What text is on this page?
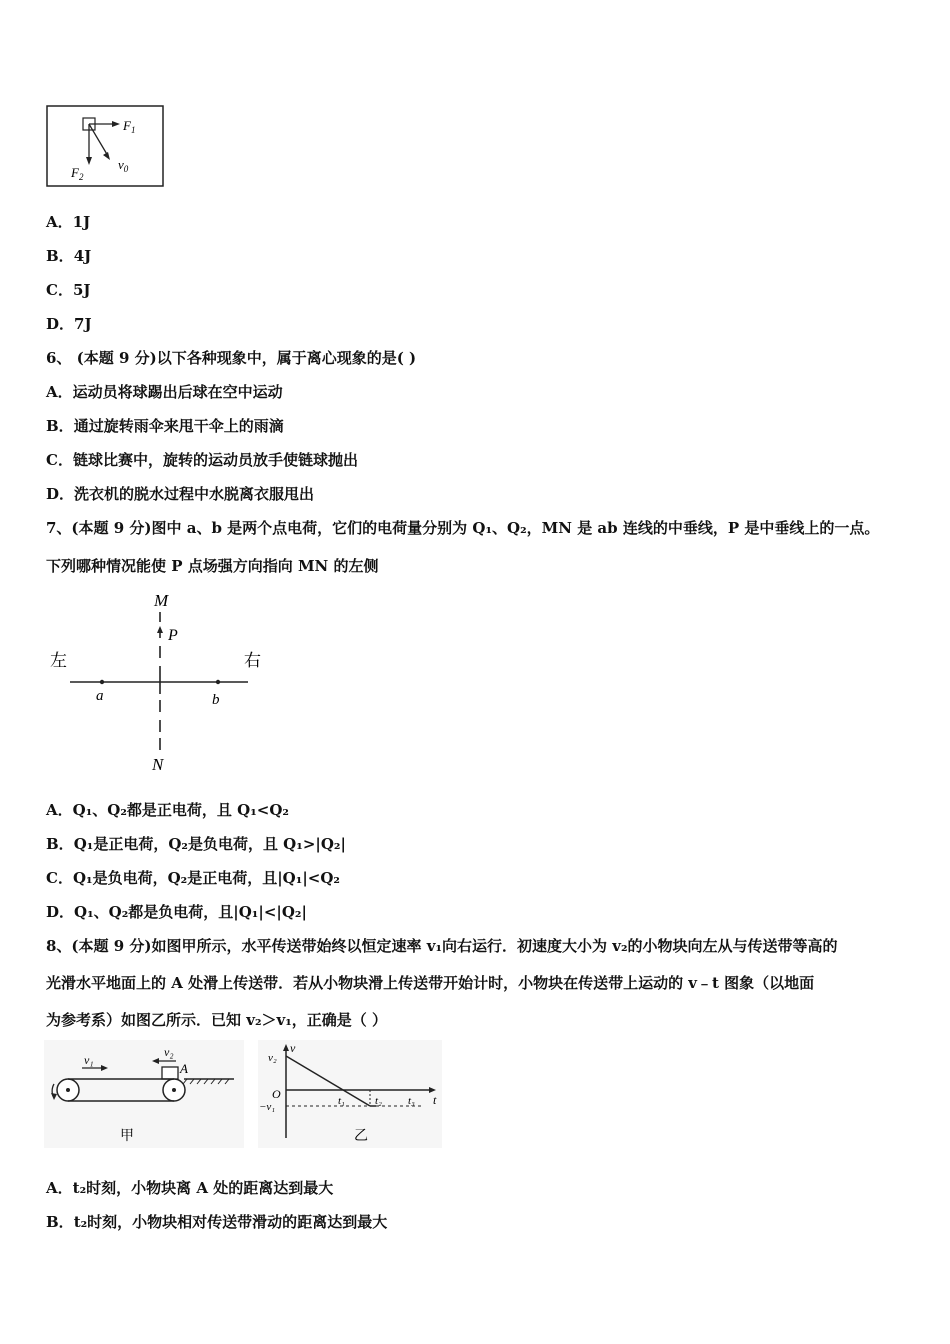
$F_1$
$F_2$
$v_0$
A．1J
B．4J
C．5J
D．7J
6、 (本题 9 分)以下各种现象中，属于离心现象的是( )
A．运动员将球踢出后球在空中运动
B．通过旋转雨伞来甩干伞上的雨滴
C．链球比赛中，旋转的运动员放手使链球抛出
D．洗衣机的脱水过程中水脱离衣服甩出
7、(本题 9 分)图中 a、b 是两个点电荷，它们的电荷量分别为 Q₁、Q₂，MN 是 ab 连线的中垂线，P 是中垂线上的一点。
下列哪种情况能使 P 点场强方向指向 MN 的左侧
M
P
a	b
左	右
N
A．Q₁、Q₂都是正电荷，且 Q₁<Q₂
B．Q₁是正电荷，Q₂是负电荷，且 Q₁>|Q₂|
C．Q₁是负电荷，Q₂是正电荷，且|Q₁|<Q₂
D．Q₁、Q₂都是负电荷，且|Q₁|<|Q₂|
8、(本题 9 分)如图甲所示，水平传送带始终以恒定速率 v₁向右运行．初速度大小为 v₂的小物块向左从与传送带等高的
光滑水平地面上的 A 处滑上传送带．若从小物块滑上传送带开始计时，小物块在传送带上运动的 v﹣t 图象（以地面
为参考系）如图乙所示．已知 v₂＞v₁，正确是（ ）
v₁
v₂
A
甲
v
t
O
v₂
−v₁	t₁	t₂ t₃
乙
A．t₂时刻，小物块离 A 处的距离达到最大
B．t₂时刻，小物块相对传送带滑动的距离达到最大
